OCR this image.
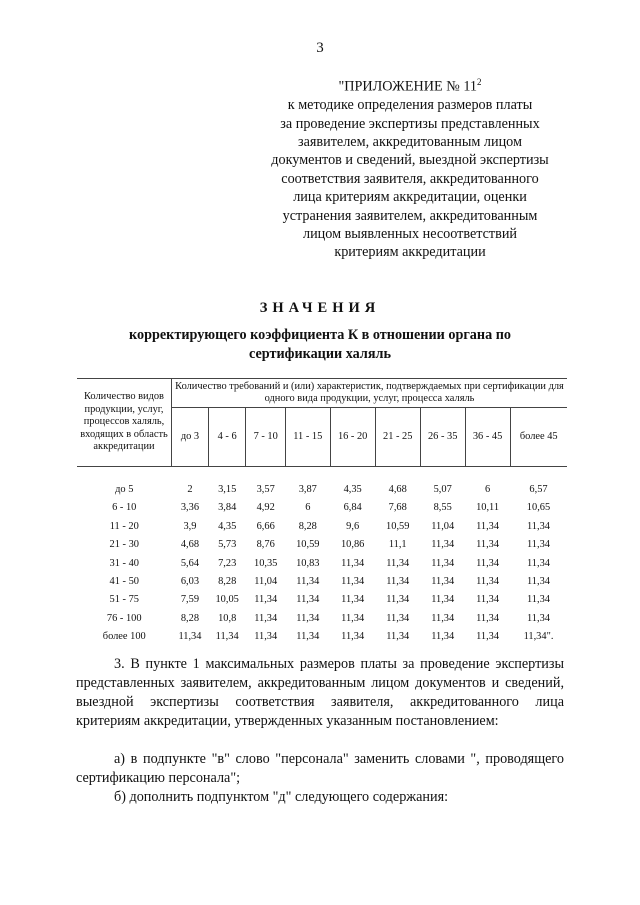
3
"ПРИЛОЖЕНИЕ № $11^2$
к методике определения размеров платы
за проведение экспертизы представленных
заявителем, аккредитованным лицом
документов и сведений, выездной экспертизы
соответствия заявителя, аккредитованного
лица критериям аккредитации, оценки
устранения заявителем, аккредитованным
лицом выявленных несоответствий
критериям аккредитации
ЗНАЧЕНИЯ
корректирующего коэффициента К в отношении органа по сертификации халяль
Количество видов продукции, услуг, процессов халяль, входящих в область аккредитации	Количество требований и (или) характеристик, подтверждаемых при сертификации для одного вида продукции, услуг, процесса халяль								
	до 3	4 - 6	7 - 10	11 - 15	16 - 20	21 - 25	26 - 35	36 - 45	более 45
до 5	2	3,15	3,57	3,87	4,35	4,68	5,07	6	6,57
6 - 10	3,36	3,84	4,92	6	6,84	7,68	8,55	10,11	10,65
11 - 20	3,9	4,35	6,66	8,28	9,6	10,59	11,04	11,34	11,34
21 - 30	4,68	5,73	8,76	10,59	10,86	11,1	11,34	11,34	11,34
31 - 40	5,64	7,23	10,35	10,83	11,34	11,34	11,34	11,34	11,34
41 - 50	6,03	8,28	11,04	11,34	11,34	11,34	11,34	11,34	11,34
51 - 75	7,59	10,05	11,34	11,34	11,34	11,34	11,34	11,34	11,34
76 - 100	8,28	10,8	11,34	11,34	11,34	11,34	11,34	11,34	11,34
более 100	11,34	11,34	11,34	11,34	11,34	11,34	11,34	11,34	11,34".
3. В пункте 1 максимальных размеров платы за проведение экспертизы представленных заявителем, аккредитованным лицом документов и сведений, выездной экспертизы соответствия заявителя, аккредитованного лица критериям аккредитации, утвержденных указанным постановлением:
а) в подпункте "в" слово "персонала" заменить словами ", проводящего сертификацию персонала";
б) дополнить подпунктом "д" следующего содержания:
